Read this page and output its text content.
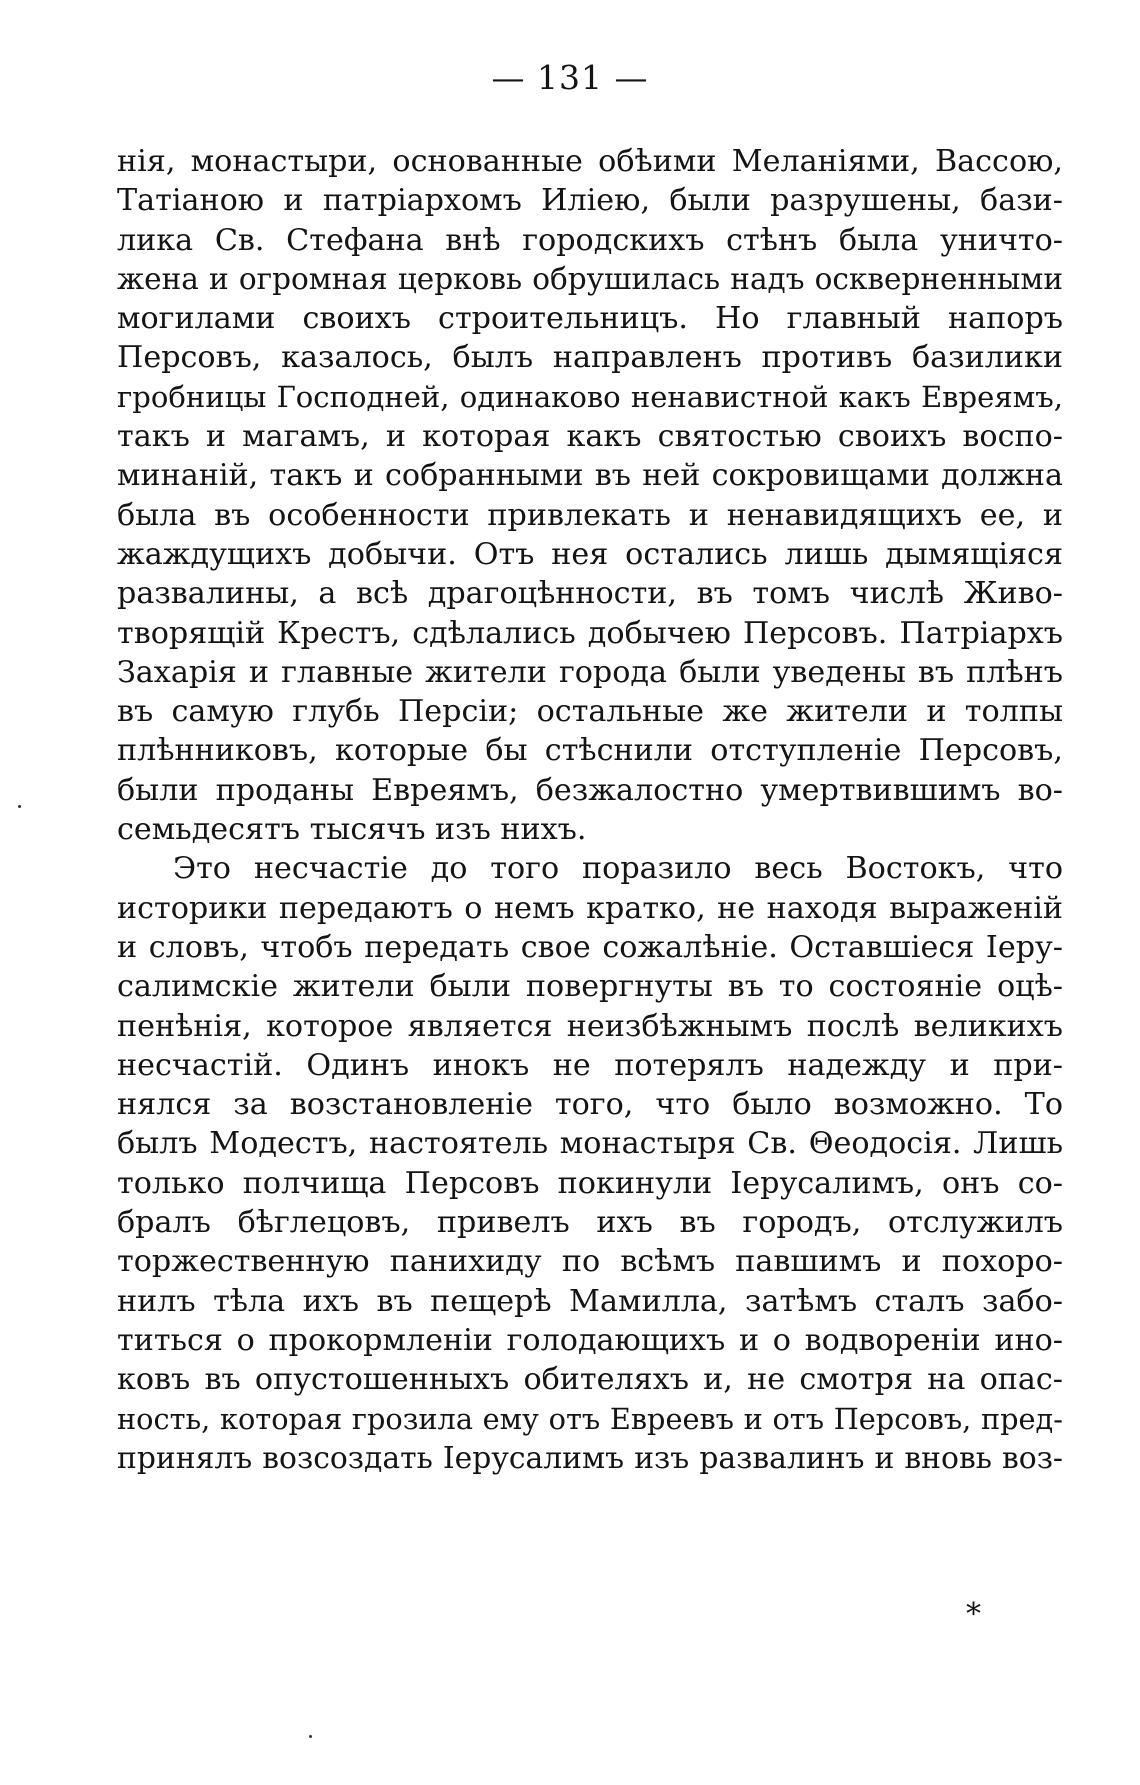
— 131 —
нія, монастыри, основанные обѣими Меланіями, Вассою,
Татіаною и патріархомъ Иліею, были разрушены, бази-
лика Св. Стефана внѣ городскихъ стѣнъ была уничто-
жена и огромная церковь обрушилась надъ оскверненными
могилами своихъ строительницъ. Но главный напоръ
Персовъ, казалось, былъ направленъ противъ базилики
гробницы Господней, одинаково ненавистной какъ Евреямъ,
такъ и магамъ, и которая какъ святостью своихъ воспо-
минаній, такъ и собранными въ ней сокровищами должна
была въ особенности привлекать и ненавидящихъ ее, и
жаждущихъ добычи. Отъ нея остались лишь дымящіяся
развалины, а всѣ драгоцѣнности, въ томъ числѣ Живо-
творящій Крестъ, сдѣлались добычею Персовъ. Патріархъ
Захарія и главные жители города были уведены въ плѣнъ
въ самую глубь Персіи; остальные же жители и толпы
плѣнниковъ, которые бы стѣснили отступленіе Персовъ,
были проданы Евреямъ, безжалостно умертвившимъ во-
семьдесятъ тысячъ изъ нихъ.
Это несчастіе до того поразило весь Востокъ, что
историки передаютъ о немъ кратко, не находя выраженій
и словъ, чтобъ передать свое сожалѣніе. Оставшіеся Іеру-
салимскіе жители были повергнуты въ то состояніе оцѣ-
пенѣнія, которое является неизбѣжнымъ послѣ великихъ
несчастій. Одинъ инокъ не потерялъ надежду и при-
нялся за возстановленіе того, что было возможно. То
былъ Модестъ, настоятель монастыря Св. Θеодосія. Лишь
только полчища Персовъ покинули Іерусалимъ, онъ со-
бралъ бѣглецовъ, привелъ ихъ въ городъ, отслужилъ
торжественную панихиду по всѣмъ павшимъ и похоро-
нилъ тѣла ихъ въ пещерѣ Мамилла, затѣмъ сталъ забо-
титься о прокормленіи голодающихъ и о водвореніи ино-
ковъ въ опустошенныхъ обителяхъ и, не смотря на опас-
ность, которая грозила ему отъ Евреевъ и отъ Персовъ, пред-
принялъ возсоздать Іерусалимъ изъ развалинъ и вновь воз-
*
